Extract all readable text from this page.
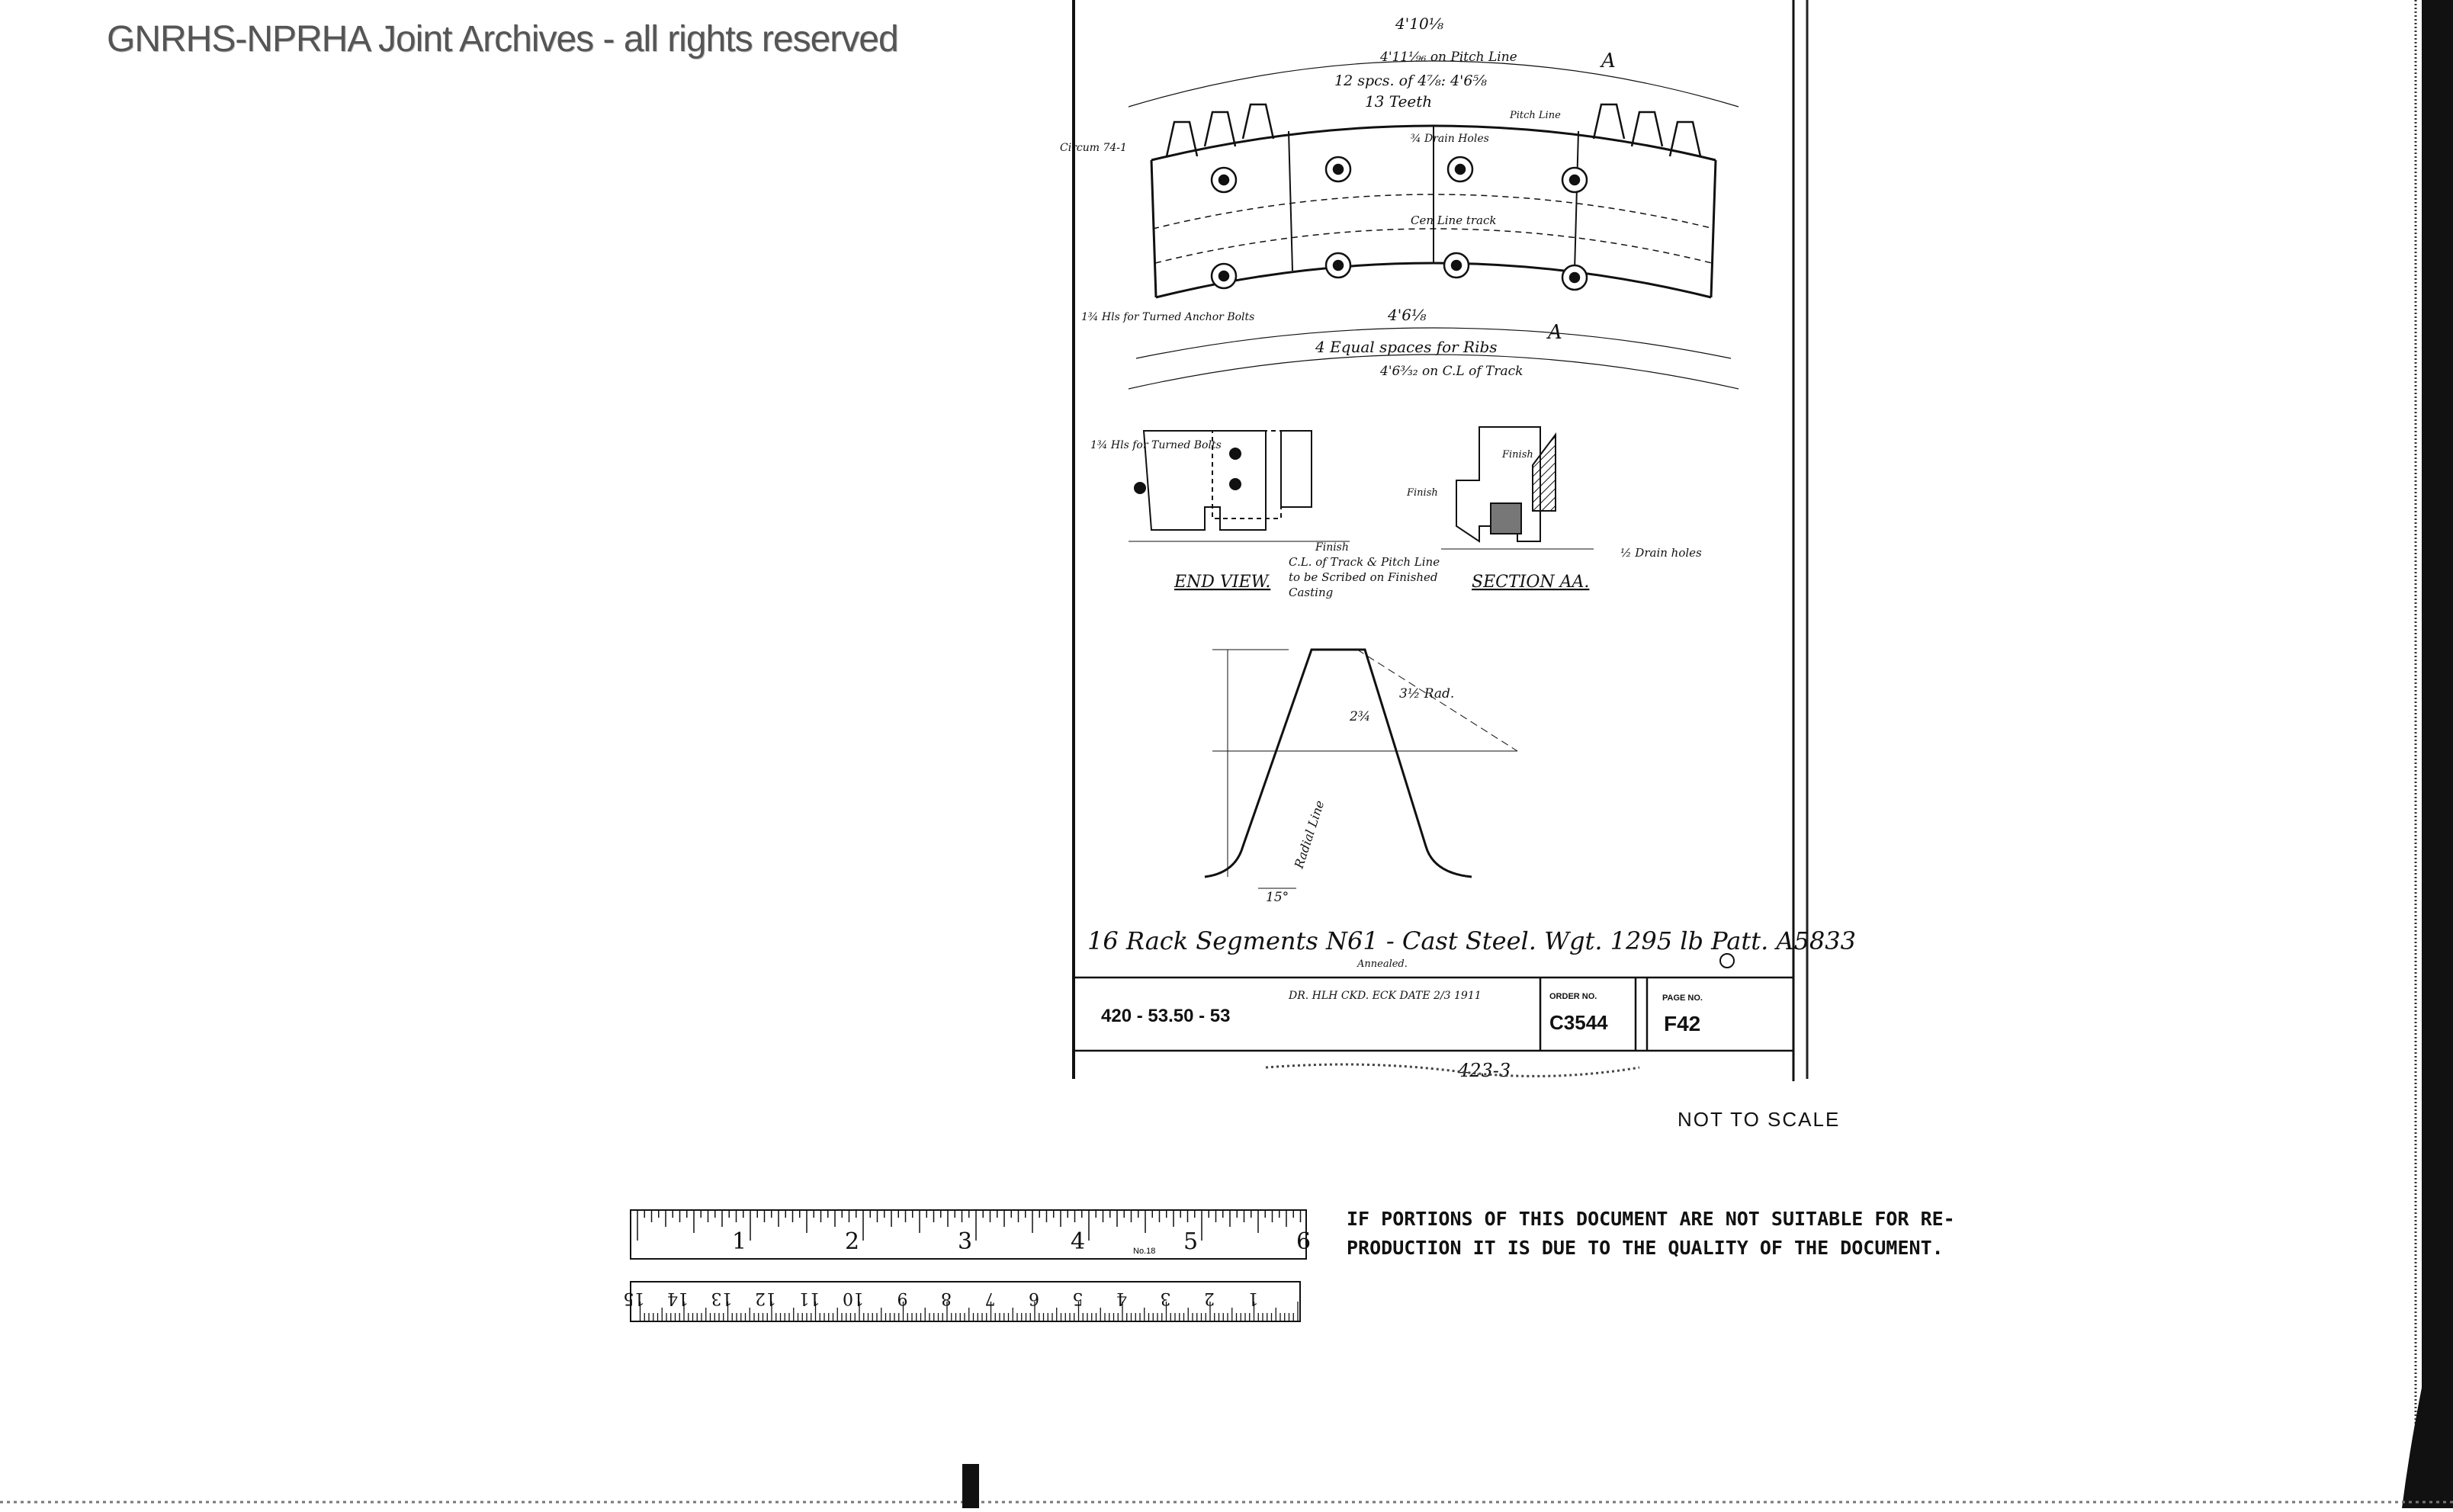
GNRHS-NPRHA Joint Archives - all rights reserved	4'10⅛
4'11⅑₆ on Pitch Line
12 spcs. of 4⅞: 4'6⅝
13 Teeth
Pitch Line
¾ Drain Holes
Circum 74-1
Cen Line track
A
4'6⅛
4 Equal spaces for Ribs
4'6³⁄₃₂ on C.L of Track
A
1¾ Hls for Turned Anchor Bolts
1¾ Hls for Turned Bolts
END VIEW.
Finish
SECTION AA.
Finish
Finish
½ Drain holes
C.L. of Track & Pitch Line
to be Scribed on Finished
Casting
3½ Rad.
2¾
15°
Radial Line
16 Rack Segments N61 - Cast Steel. Wgt. 1295 lb Patt. A5833
Annealed.
420 - 53.50 - 53
DR. HLH CKD. ECK DATE 2/3 1911	ORDER NO.
C3544
PAGE NO.
F42
423-3
NOT TO SCALE
IF PORTIONS OF THIS DOCUMENT ARE NOT SUITABLE FOR RE-
PRODUCTION IT IS DUE TO THE QUALITY OF THE DOCUMENT.
1	2	3	4	5	6
No.18
1
2
3
4
5
6
7
8
9
10
11
12
13
14
15
